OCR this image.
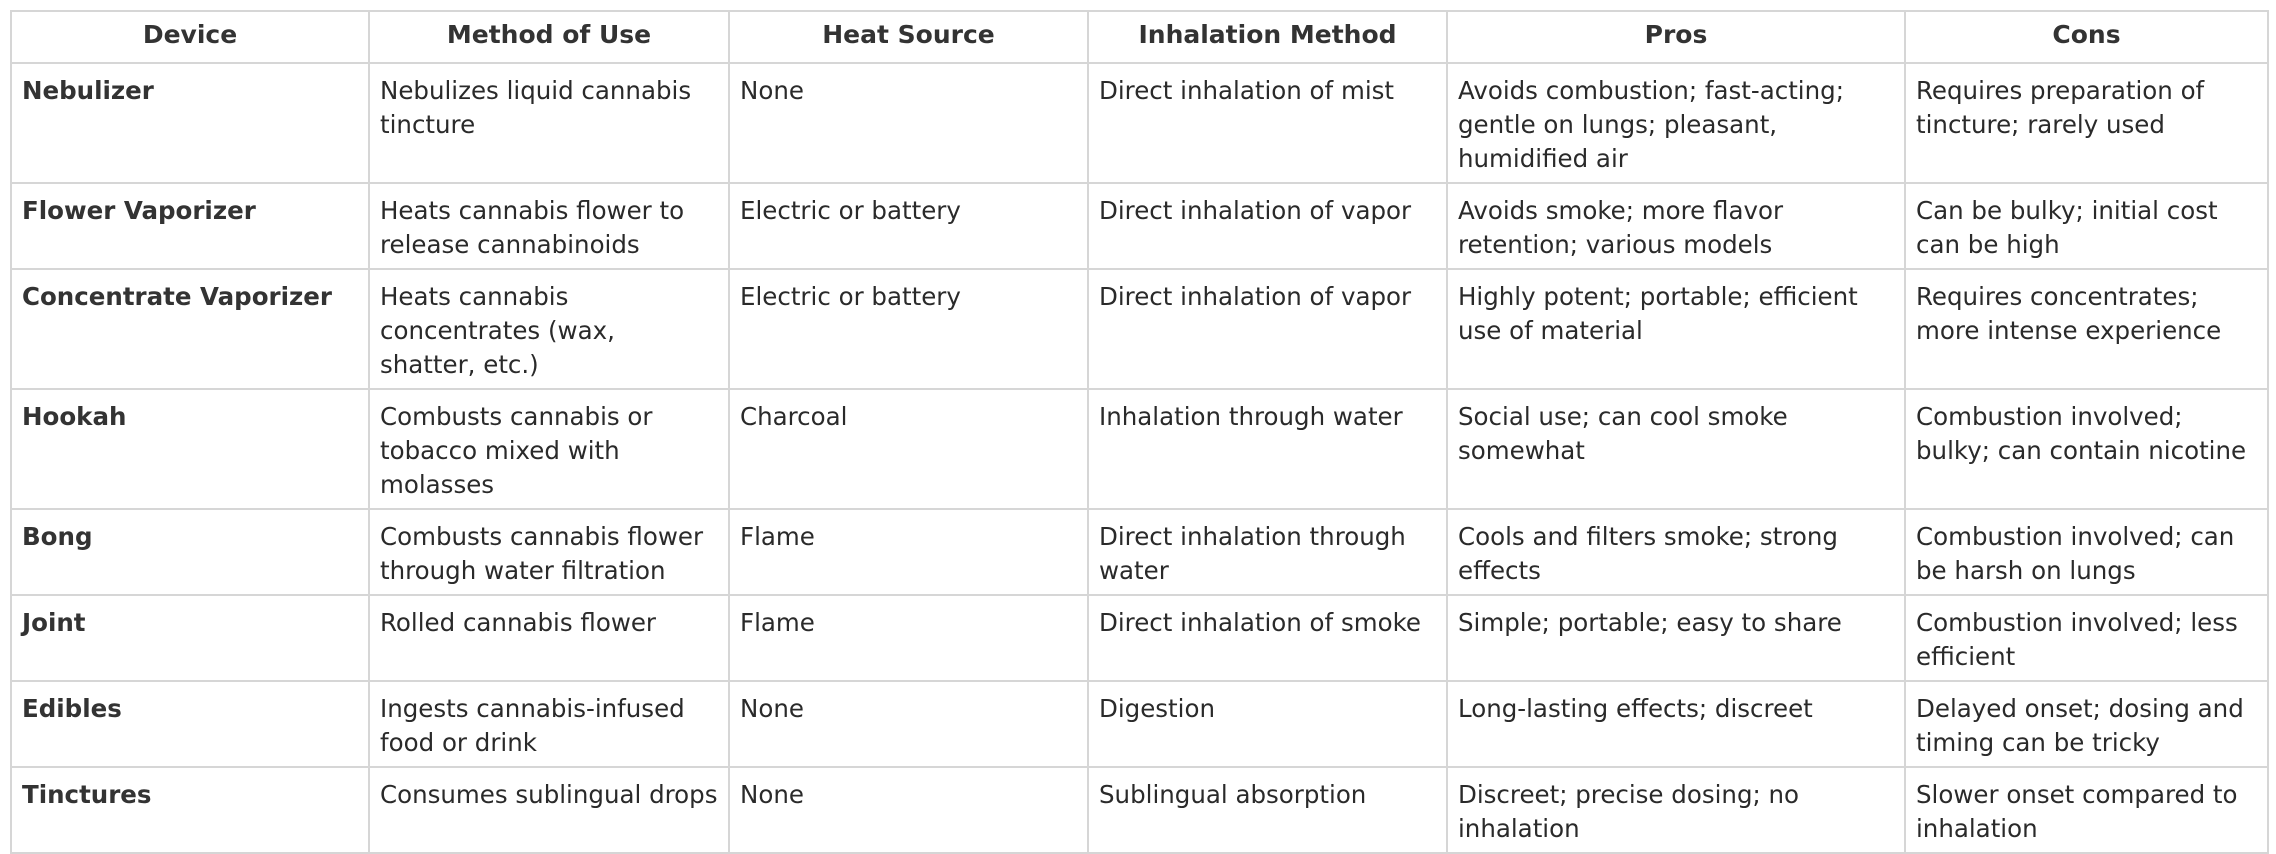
Device	Method of Use	Heat Source	Inhalation Method	Pros	Cons
Nebulizer	Nebulizes liquid cannabis tincture	None	Direct inhalation of mist	Avoids combustion; fast-acting; gentle on lungs; pleasant, humidified air	Requires preparation of tincture; rarely used
Flower Vaporizer	Heats cannabis flower to release cannabinoids	Electric or battery	Direct inhalation of vapor	Avoids smoke; more flavor retention; various models	Can be bulky; initial cost can be high
Concentrate Vaporizer	Heats cannabis concentrates (wax, shatter, etc.)	Electric or battery	Direct inhalation of vapor	Highly potent; portable; efficient use of material	Requires concentrates; more intense experience
Hookah	Combusts cannabis or tobacco mixed with molasses	Charcoal	Inhalation through water	Social use; can cool smoke somewhat	Combustion involved; bulky; can contain nicotine
Bong	Combusts cannabis flower through water filtration	Flame	Direct inhalation through water	Cools and filters smoke; strong effects	Combustion involved; can be harsh on lungs
Joint	Rolled cannabis flower	Flame	Direct inhalation of smoke	Simple; portable; easy to share	Combustion involved; less efficient
Edibles	Ingests cannabis-infused food or drink	None	Digestion	Long-lasting effects; discreet	Delayed onset; dosing and timing can be tricky
Tinctures	Consumes sublingual drops	None	Sublingual absorption	Discreet; precise dosing; no inhalation	Slower onset compared to inhalation
